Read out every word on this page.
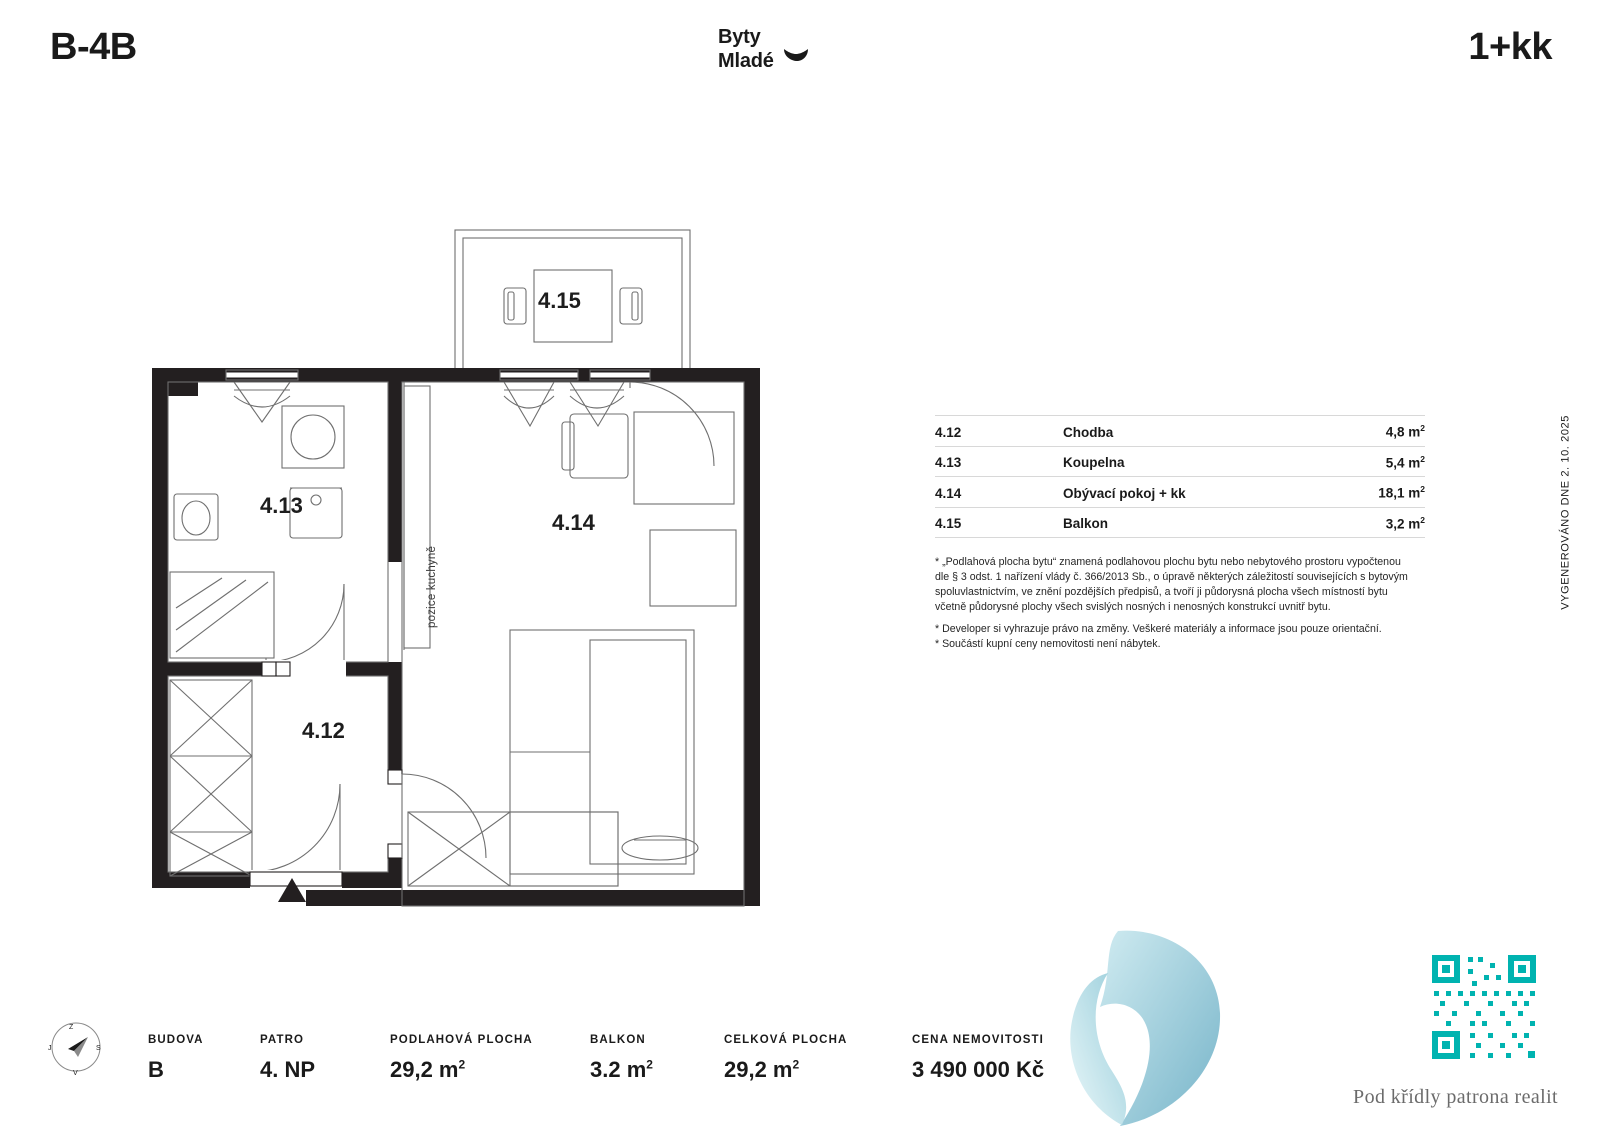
B-4B	1+kk
Byty
Mladé
4.15
4.13
4.14
4.12
pozice kuchyně
4.12	Chodba	4,8 $m^2$
4.13	Koupelna	5,4 $m^2$
4.14	Obývací pokoj + kk	18,1 $m^2$
4.15	Balkon	3,2 $m^2$

* „Podlahová plocha bytu“ znamená podlahovou plochu bytu nebo nebytového prostoru vypočtenou dle § 3 odst. 1 nařízení vlády č. 366/2013 Sb., o úpravě některých záležitostí souvisejících s bytovým spoluvlastnictvím, ve znění pozdějších předpisů, a tvoří ji půdorysná plocha všech místností bytu včetně půdorysné plochy všech svislých nosných i nenosných konstrukcí uvnitř bytu.

* Developer si vyhrazuje právo na změny. Veškeré materiály a informace jsou pouze orientační.

* Součástí kupní ceny nemovitosti není nábytek.

VYGENEROVÁNO DNE 2. 10. 2025
Z
S
V
J
BUDOVA
B
PATRO
4. NP
PODLAHOVÁ PLOCHA
29,2 $m^2$
BALKON
3.2 $m^2$
CELKOVÁ PLOCHA
29,2 $m^2$
CENA NEMOVITOSTI
3 490 000 Kč
Pod křídly patrona realit
